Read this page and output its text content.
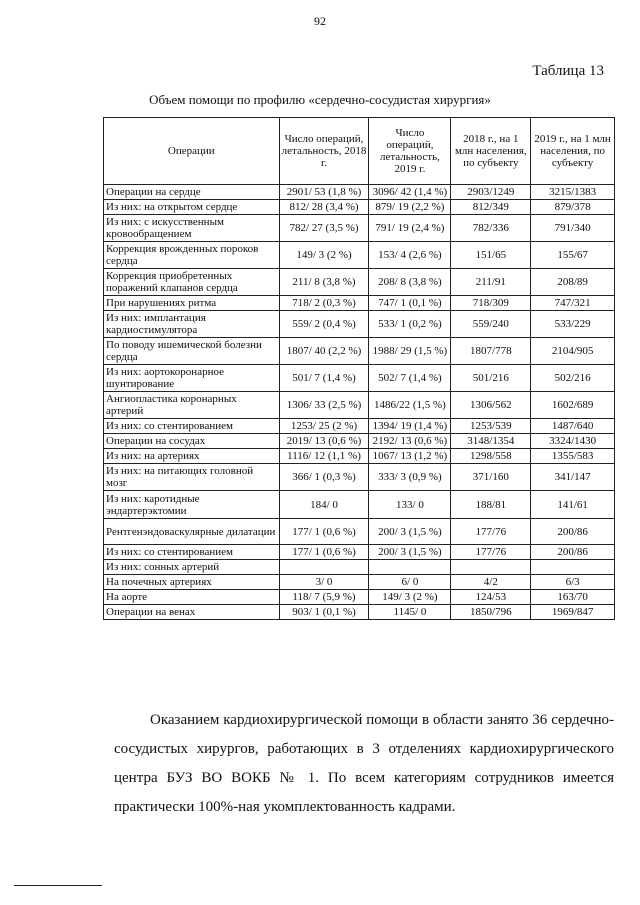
92
Таблица 13
Объем помощи по профилю «сердечно-сосудистая хирургия»
Операции	Число операций, летальность, 2018 г.	Число операций, летальность, 2019 г.	2018 г., на 1 млн населения, по субъекту	2019 г., на 1 млн населения, по субъекту
Операции на сердце	2901/ 53 (1,8 %)	3096/ 42 (1,4 %)	2903/1249	3215/1383
Из них: на открытом сердце	812/ 28 (3,4 %)	879/ 19 (2,2 %)	812/349	879/378
Из них: с искусственным кровообращением	782/ 27 (3,5 %)	791/ 19 (2,4 %)	782/336	791/340
Коррекция врожденных пороков сердца	149/ 3 (2 %)	153/ 4 (2,6 %)	151/65	155/67
Коррекция приобретенных поражений клапанов сердца	211/ 8 (3,8 %)	208/ 8 (3,8 %)	211/91	208/89
При нарушениях ритма	718/ 2 (0,3 %)	747/ 1 (0,1 %)	718/309	747/321
Из них: имплантация кардиостимулятора	559/ 2 (0,4 %)	533/ 1 (0,2 %)	559/240	533/229
По поводу ишемической болезни сердца	1807/ 40 (2,2 %)	1988/ 29 (1,5 %)	1807/778	2104/905
Из них: аортокоронарное шунтирование	501/ 7 (1,4 %)	502/ 7 (1,4 %)	501/216	502/216
Ангиопластика коронарных артерий	1306/ 33 (2,5 %)	1486/22 (1,5 %)	1306/562	1602/689
Из них: со стентированием	1253/ 25 (2 %)	1394/ 19 (1,4 %)	1253/539	1487/640
Операции на сосудах	2019/ 13 (0,6 %)	2192/ 13 (0,6 %)	3148/1354	3324/1430
Из них: на артериях	1116/ 12 (1,1 %)	1067/ 13 (1,2 %)	1298/558	1355/583
Из них: на питающих головной мозг	366/ 1 (0,3 %)	333/ 3 (0,9 %)	371/160	341/147
Из них: каротидные эндартерэктомии	184/ 0	133/ 0	188/81	141/61
Рентгенэндоваскулярные дилатации	177/ 1 (0,6 %)	200/ 3 (1,5 %)	177/76	200/86
Из них: со стентированием	177/ 1 (0,6 %)	200/ 3 (1,5 %)	177/76	200/86
Из них: сонных артерий				
На почечных артериях	3/ 0	6/ 0	4/2	6/3
На аорте	118/ 7 (5,9 %)	149/ 3 (2 %)	124/53	163/70
Операции на венах	903/ 1 (0,1 %)	1145/ 0	1850/796	1969/847
Оказанием кардиохирургической помощи в области занято 36 сердечно-сосудистых хирургов, работающих в 3 отделениях кардиохирургического центра БУЗ ВО ВОКБ № 1. По всем категориям сотрудников имеется практически 100%-ная укомплектованность кадрами.
